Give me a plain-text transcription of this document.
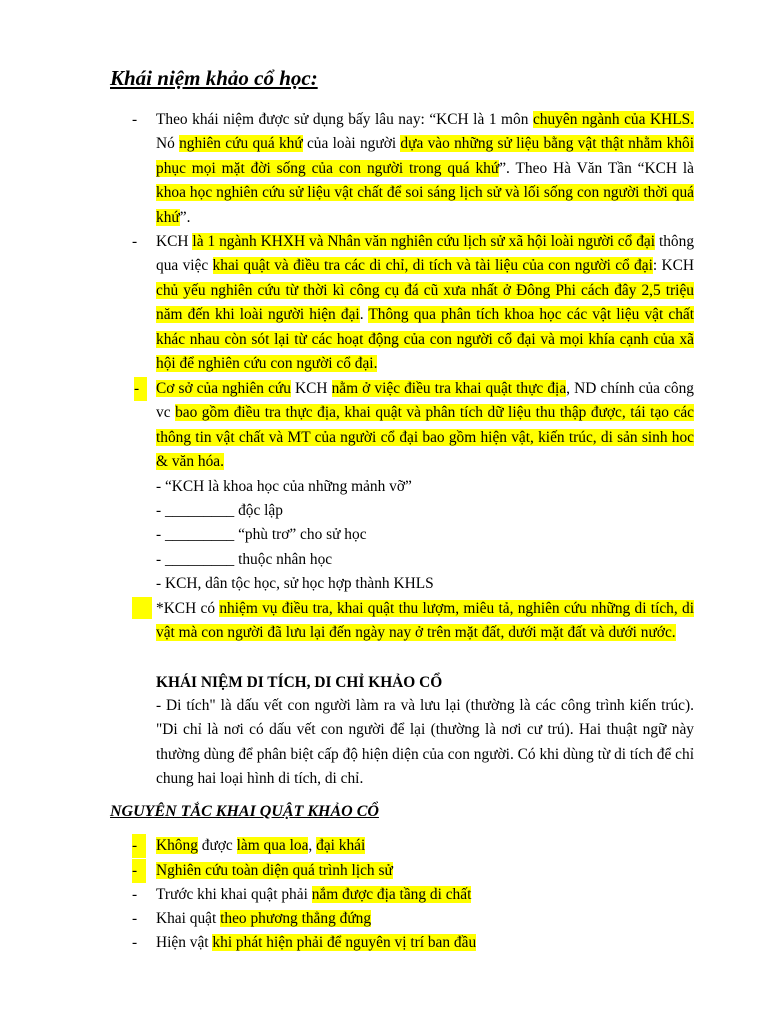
Khái niệm khảo cổ học:
- Theo khái niệm được sử dụng bấy lâu nay: “KCH là 1 môn chuyên ngành của KHLS. Nó nghiên cứu quá khứ của loài người dựa vào những sử liệu bằng vật thật nhằm khôi phục mọi mặt đời sống của con người trong quá khứ”. Theo Hà Văn Tần “KCH là khoa học nghiên cứu sử liệu vật chất để soi sáng lịch sử và lối sống con người thời quá khứ”.
- KCH là 1 ngành KHXH và Nhân văn nghiên cứu lịch sử xã hội loài người cổ đại thông qua việc khai quật và điều tra các di chỉ, di tích và tài liệu của con người cổ đại: KCH chủ yếu nghiên cứu từ thời kì công cụ đá cũ xưa nhất ở Đông Phi cách đây 2,5 triệu năm đến khi loài người hiện đại. Thông qua phân tích khoa học các vật liệu vật chất khác nhau còn sót lại từ các hoạt động của con người cổ đại và mọi khía cạnh của xã hội để nghiên cứu con người cổ đại.
-	Cơ sở của nghiên cứu KCH nằm ở việc điều tra khai quật thực địa, ND chính của công vc bao gồm điều tra thực địa, khai quật và phân tích dữ liệu thu thập được, tái tạo các thông tin vật chất và MT của người cổ đại bao gồm hiện vật, kiến trúc, di sản sinh hoc & văn hóa.
- “KCH là khoa học của những mảnh vỡ”
- _________ độc lập
- _________ “phù trơ” cho sử học
- _________ thuộc nhân học
- KCH, dân tộc học, sử học hợp thành KHLS
*KCH có nhiệm vụ điều tra, khai quật thu lượm, miêu tả, nghiên cứu những di tích, di vật mà con người đã lưu lại đến ngày nay ở trên mặt đất, dưới mặt đất và dưới nước.
KHÁI NIỆM DI TÍCH, DI CHỈ KHẢO CỔ
- Di tích" là dấu vết con người làm ra và lưu lại (thường là các công trình kiến trúc). "Di chỉ là nơi có dấu vết con người để lại (thường là nơi cư trú). Hai thuật ngữ này thường dùng để phân biệt cấp độ hiện diện của con người. Có khi dùng từ di tích để chỉ chung hai loại hình di tích, di chỉ.
NGUYÊN TẮC KHAI QUẬT KHẢO CỔ
-	Không được làm qua loa, đại khái
-	Nghiên cứu toàn diện quá trình lịch sử
- Trước khi khai quật phải nắm được địa tầng di chất
- Khai quật theo phương thẳng đứng
- Hiện vật khi phát hiện phải để nguyên vị trí ban đầu
